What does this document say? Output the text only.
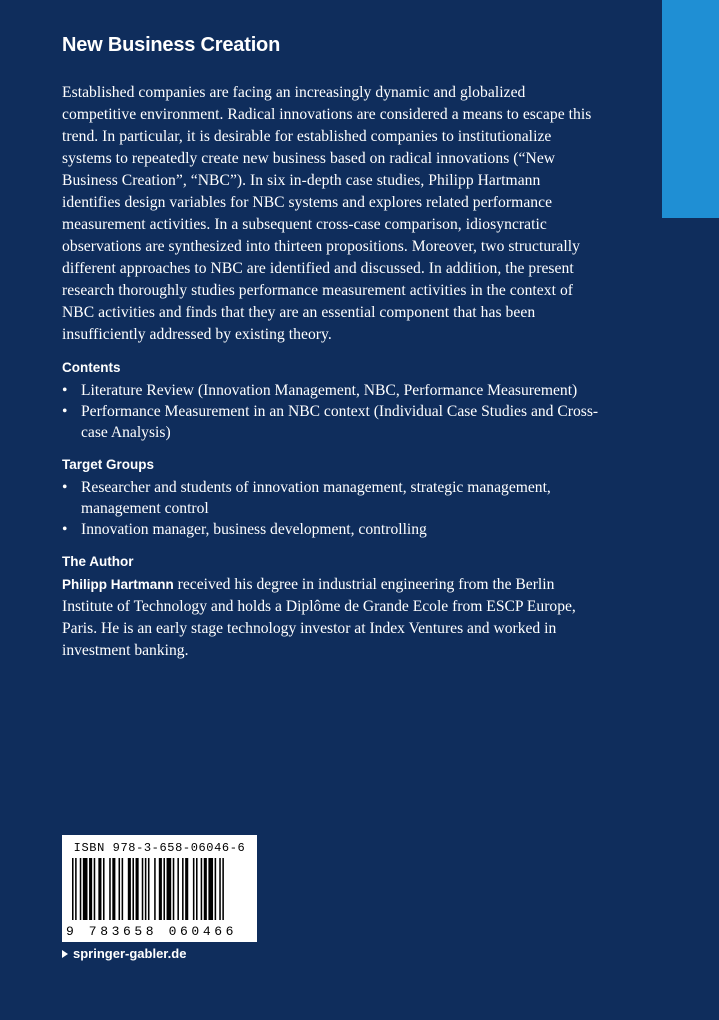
New Business Creation

Established companies are facing an increasingly dynamic and globalized competitive environment. Radical innovations are considered a means to escape this trend. In particular, it is desirable for established companies to institutionalize systems to repeatedly create new business based on radical innovations (“New Business Creation”, “NBC”). In six in-depth case studies, Philipp Hartmann identifies design variables for NBC systems and explores related performance measurement activities. In a subsequent cross-case comparison, idiosyncratic observations are synthesized into thirteen propositions. Moreover, two structurally different approaches to NBC are identified and discussed. In addition, the present research thoroughly studies performance measurement activities in the context of NBC activities and finds that they are an essential component that has been insufficiently addressed by existing theory.

Contents
• Literature Review (Innovation Management, NBC, Performance Measurement)
• Performance Measurement in an NBC context (Individual Case Studies and Cross-case Analysis)
Target Groups
• Researcher and students of innovation management, strategic management, management control
• Innovation manager, business development, controlling
The Author

Philipp Hartmann received his degree in industrial engineering from the Berlin Institute of Technology and holds a Diplôme de Grande Ecole from ESCP Europe, Paris. He is an early stage technology investor at Index Ventures and worked in investment banking.

ISBN 978-3-658-06046-6
9 783658 060466
springer-gabler.de
